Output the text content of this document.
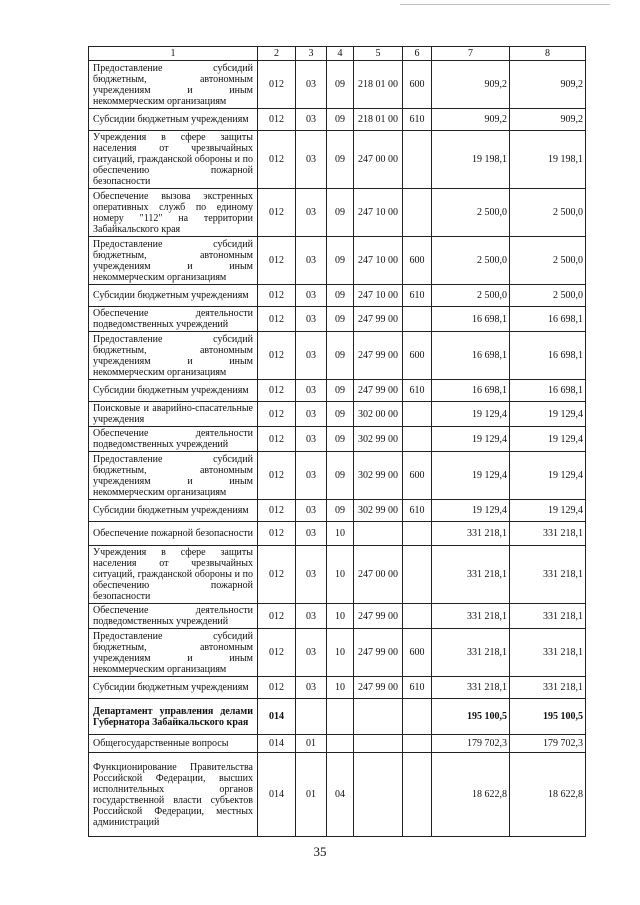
1	2	3	4	5	6	7	8
Предоставление субсидий бюджетным, автономным учреждениям и иным некоммерческим организациям	012	03	09	218 01 00	600	909,2	909,2
Субсидии бюджетным учреждениям	012	03	09	218 01 00	610	909,2	909,2
Учреждения в сфере защиты населения от чрезвычайных ситуаций, гражданской обороны и по обеспечению пожарной безопасности	012	03	09	247 00 00		19 198,1	19 198,1
Обеспечение вызова экстренных оперативных служб по единому номеру "112" на территории Забайкальского края	012	03	09	247 10 00		2 500,0	2 500,0
Предоставление субсидий бюджетным, автономным учреждениям и иным некоммерческим организациям	012	03	09	247 10 00	600	2 500,0	2 500,0
Субсидии бюджетным учреждениям	012	03	09	247 10 00	610	2 500,0	2 500,0
Обеспечение деятельности подведомственных учреждений	012	03	09	247 99 00		16 698,1	16 698,1
Предоставление субсидий бюджетным, автономным учреждениям и иным некоммерческим организациям	012	03	09	247 99 00	600	16 698,1	16 698,1
Субсидии бюджетным учреждениям	012	03	09	247 99 00	610	16 698,1	16 698,1
Поисковые и аварийно-спасательные учреждения	012	03	09	302 00 00		19 129,4	19 129,4
Обеспечение деятельности подведомственных учреждений	012	03	09	302 99 00		19 129,4	19 129,4
Предоставление субсидий бюджетным, автономным учреждениям и иным некоммерческим организациям	012	03	09	302 99 00	600	19 129,4	19 129,4
Субсидии бюджетным учреждениям	012	03	09	302 99 00	610	19 129,4	19 129,4
Обеспечение пожарной безопасности	012	03	10			331 218,1	331 218,1
Учреждения в сфере защиты населения от чрезвычайных ситуаций, гражданской обороны и по обеспечению пожарной безопасности	012	03	10	247 00 00		331 218,1	331 218,1
Обеспечение деятельности подведомственных учреждений	012	03	10	247 99 00		331 218,1	331 218,1
Предоставление субсидий бюджетным, автономным учреждениям и иным некоммерческим организациям	012	03	10	247 99 00	600	331 218,1	331 218,1
Субсидии бюджетным учреждениям	012	03	10	247 99 00	610	331 218,1	331 218,1
Департамент управления делами Губернатора Забайкальского края	014					195 100,5	195 100,5
Общегосударственные вопросы	014	01				179 702,3	179 702,3
Функционирование Правительства Российской Федерации, высших исполнительных органов государственной власти субъектов Российской Федерации, местных администраций	014	01	04			18 622,8	18 622,8
35
